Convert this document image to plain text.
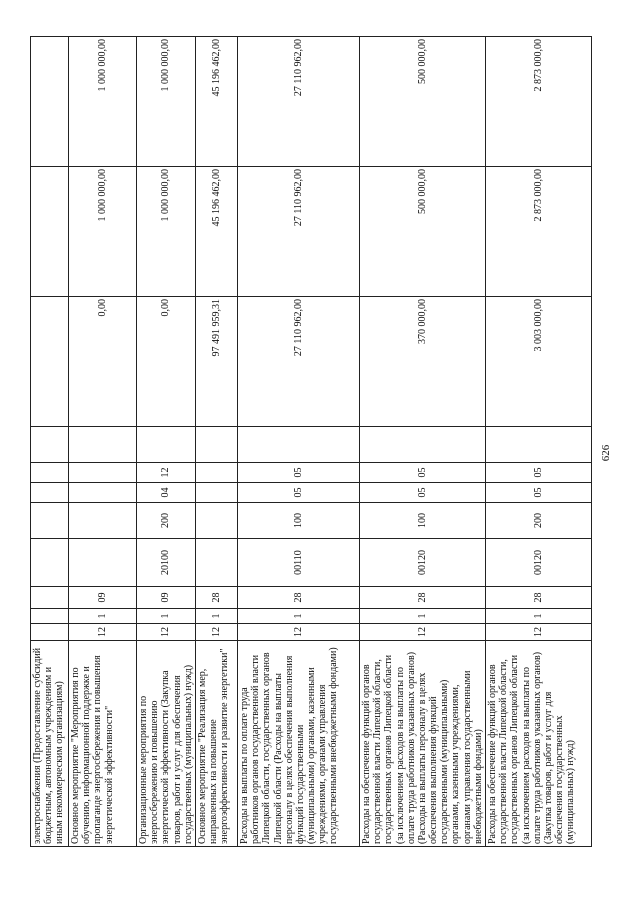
626
электроснабжения (Предоставление субсидий бюджетным, автономным учреждениям и иным некоммерческим организациям)											
Основное мероприятие "Мероприятия по обучению, информационной поддержке и пропаганде энергосбережения и повышения энергетической эффективности"	12	1	09						0,00	1 000 000,00	1 000 000,00
Организационные мероприятия по энергосбережению и повышению энергетической эффективности (Закупка товаров, работ и услуг для обеспечения государственных (муниципальных) нужд)	12	1	09	20100	200	04	12		0,00	1 000 000,00	1 000 000,00
Основное мероприятие "Реализация мер, направленных на повышение энергоэффективности и развитие энергетики"	12	1	28						97 491 959,31	45 196 462,00	45 196 462,00
Расходы на выплаты по оплате труда работников органов государственной власти Липецкой области, государственных органов Липецкой области (Расходы на выплаты персоналу в целях обеспечения выполнения функций государственными (муниципальными) органами, казенными учреждениями, органами управления государственными внебюджетными фондами)	12	1	28	00110	100	05	05		27 110 962,00	27 110 962,00	27 110 962,00
Расходы на обеспечение функций органов государственной власти Липецкой области, государственных органов Липецкой области (за исключением расходов на выплаты по оплате труда работников указанных органов) (Расходы на выплаты персоналу в целях обеспечения выполнения функций государственными (муниципальными) органами, казенными учреждениями, органами управления государственными внебюджетными фондами)	12	1	28	00120	100	05	05		370 000,00	500 000,00	500 000,00
Расходы на обеспечение функций органов государственной власти Липецкой области, государственных органов Липецкой области (за исключением расходов на выплаты по оплате труда работников указанных органов) (Закупка товаров, работ и услуг для обеспечения государственных (муниципальных) нужд)	12	1	28	00120	200	05	05		3 003 000,00	2 873 000,00	2 873 000,00
